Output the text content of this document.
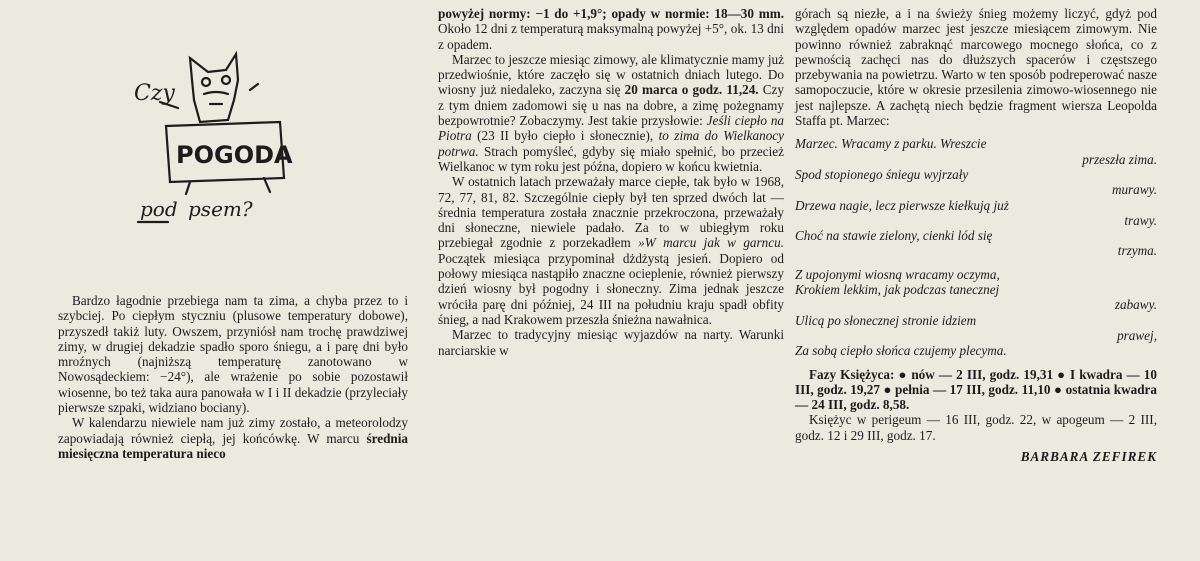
Czy
POGODA
pod psem?

Bardzo łagodnie przebiega nam ta zima, a chyba przez to i szybciej. Po ciepłym styczniu (plusowe temperatury dobowe), przyszedł takiż luty. Owszem, przyniósł nam trochę prawdziwej zimy, w drugiej dekadzie spadło sporo śniegu, a i parę dni było mroźnych (najniższą temperaturę zanotowano w Nowosądeckiem: −24°), ale wrażenie po sobie pozostawił wiosenne, bo też taka aura panowała w I i II dekadzie (przyleciały pierwsze szpaki, widziano bociany).

W kalendarzu niewiele nam już zimy zostało, a meteorolodzy zapowiadają również ciepłą, jej końcówkę. W marcu średnia miesięczna temperatura nieco

powyżej normy: −1 do +1,9°; opady w normie: 18—30 mm. Około 12 dni z temperaturą maksymalną powyżej +5°, ok. 13 dni z opadem.

Marzec to jeszcze miesiąc zimowy, ale klimatycznie mamy już przedwiośnie, które zaczęło się w ostatnich dniach lutego. Do wiosny już niedaleko, zaczyna się 20 marca o godz. 11,24. Czy z tym dniem zadomowi się u nas na dobre, a zimę pożegnamy bezpowrotnie? Zobaczymy. Jest takie przysłowie: Jeśli ciepło na Piotra (23 II było ciepło i słonecznie), to zima do Wielkanocy potrwa. Strach pomyśleć, gdyby się miało spełnić, bo przecież Wielkanoc w tym roku jest późna, dopiero w końcu kwietnia.

W ostatnich latach przeważały marce ciepłe, tak było w 1968, 72, 77, 81, 82. Szczególnie ciepły był ten sprzed dwóch lat — średnia temperatura została znacznie przekroczona, przeważały dni słoneczne, niewiele padało. Za to w ubiegłym roku przebiegał zgodnie z porzekadłem »W marcu jak w garncu. Początek miesiąca przypominał dżdżystą jesień. Dopiero od połowy miesiąca nastąpiło znaczne ocieplenie, również pierwszy dzień wiosny był pogodny i słoneczny. Zima jednak jeszcze wróciła parę dni później, 24 III na południu kraju spadł obfity śnieg, a nad Krakowem przeszła śnieżna nawałnica.

Marzec to tradycyjny miesiąc wyjazdów na narty. Warunki narciarskie w

górach są niezłe, a i na świeży śnieg możemy liczyć, gdyż pod względem opadów marzec jest jeszcze miesiącem zimowym. Nie powinno również zabraknąć marcowego mocnego słońca, co z pewnością zachęci nas do dłuższych spacerów i częstszego przebywania na powietrzu. Warto w ten sposób podreperować nasze samopoczucie, które w okresie przesilenia zimowo-wiosennego nie jest najlepsze. A zachętą niech będzie fragment wiersza Leopolda Staffa pt. Marzec:

Marzec. Wracamy z parku. Wreszcie
przeszła zima.
Spod stopionego śniegu wyjrzały
murawy.
Drzewa nagie, lecz pierwsze kiełkują już
trawy.
Choć na stawie zielony, cienki lód się
trzyma.
Z upojonymi wiosną wracamy oczyma,
Krokiem lekkim, jak podczas tanecznej
zabawy.
Ulicą po słonecznej stronie idziem
prawej,
Za sobą ciepło słońca czujemy plecyma.

Fazy Księżyca: ● nów — 2 III, godz. 19,31 ● I kwadra — 10 III, godz. 19,27 ● pełnia — 17 III, godz. 11,10 ● ostatnia kwadra — 24 III, godz. 8,58.

Księżyc w perigeum — 16 III, godz. 22, w apogeum — 2 III, godz. 12 i 29 III, godz. 17.

BARBARA ZEFIREK
